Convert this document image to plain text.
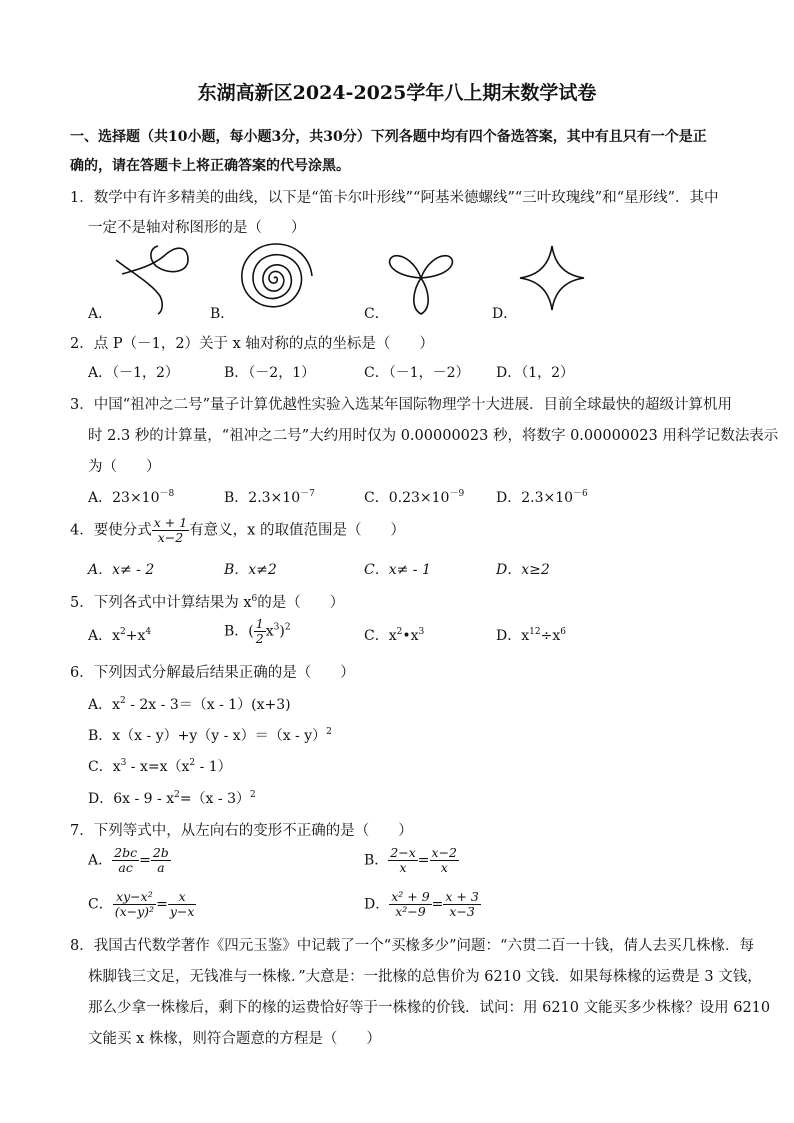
东湖高新区2024-2025学年八上期末数学试卷
一、选择题（共10小题，每小题3分，共30分）下列各题中均有四个备选答案，其中有且只有一个是正
确的，请在答题卡上将正确答案的代号涂黑。
1．数学中有许多精美的曲线，以下是“笛卡尔叶形线”“阿基米德螺线”“三叶玫瑰线”和“星形线”．其中
一定不是轴对称图形的是（　　）
A．	B．	C．	D．
2．点 P（－1，2）关于 x 轴对称的点的坐标是（　　）
A．（－1，2）	B．（－2，1）	C．（－1，－2） D．（1，2）
3．中国“祖冲之二号”量子计算优越性实验入选某年国际物理学十大进展．目前全球最快的超级计算机用
时 2.3 秒的计算量，“祖冲之二号”大约用时仅为 0.00000023 秒，将数字 0.00000023 用科学记数法表示
为（　　）
A．$23\times 10^{-8}$	B．$2.3\times 10^{-7}$	C．$0.23\times 10^{-9}$ D．$2.3\times 10^{-6}$
4．要使分式 $\frac{x + 1}{x-2}$ 有意义，x 的取值范围是（　　）
A．x≠ - 2	B．x≠2	C．x≠ - 1	D．x≥2
5．下列各式中计算结果为 $x^6$的是（　　）
A．$x^2+x^4$	B．( $\frac{1}{2} x^3)^2$
C．$x^2•x^3$	D．$x^{12}\div x^6$
6．下列因式分解最后结果正确的是（　　）
A．$x^2 - 2x - 3=(x - 1)(x+3)$
B．x（x - y）+y（y - x）＝（x - y）$^2$
C．$x^3 - x=x(x^2 - 1)$
D．$6x - 9 - x^2=(x - 3)^2$
7．下列等式中，从左向右的变形不正确的是（　　）
A． $\frac{2bc}{ac} = \frac{2b}{a}$	B． $\frac{2-x}{x} = \frac{x-2}{x}$
C． $\frac{\text{xy−x²}}{\text{(x−y)²}} = \frac{x}{y-x}$	D． $\frac{\text{x² + 9}}{\text{x²−9}} = \frac{x + 3}{x-3}$
8．我国古代数学著作《四元玉鉴》中记载了一个“买椽多少”问题：“六贯二百一十钱，倩人去买几株椽．每
株脚钱三文足，无钱准与一株椽．”大意是：一批椽的总售价为 6210 文钱．如果每株椽的运费是 3 文钱，
那么少拿一株椽后，剩下的椽的运费恰好等于一株椽的价钱．试问：用 6210 文能买多少株椽？设用 6210
文能买 x 株椽，则符合题意的方程是（　　）
